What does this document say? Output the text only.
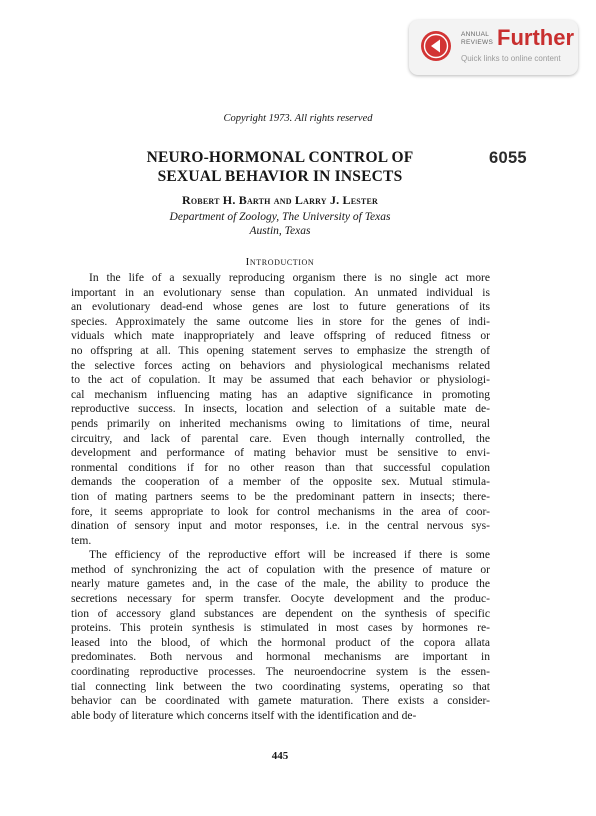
ANNUAL
REVIEWS Further
Quick links to online content
Copyright 1973. All rights reserved
NEURO-HORMONAL CONTROL OF
SEXUAL BEHAVIOR IN INSECTS
6055
Robert H. Barth and Larry J. Lester
Department of Zoology, The University of Texas
Austin, Texas
Introduction
In the life of a sexually reproducing organism there is no single act more
important in an evolutionary sense than copulation. An unmated individual is
an evolutionary dead-end whose genes are lost to future generations of its
species. Approximately the same outcome lies in store for the genes of indi-
viduals which mate inappropriately and leave offspring of reduced fitness or
no offspring at all. This opening statement serves to emphasize the strength of
the selective forces acting on behaviors and physiological mechanisms related
to the act of copulation. It may be assumed that each behavior or physiologi-
cal mechanism influencing mating has an adaptive significance in promoting
reproductive success. In insects, location and selection of a suitable mate de-
pends primarily on inherited mechanisms owing to limitations of time, neural
circuitry, and lack of parental care. Even though internally controlled, the
development and performance of mating behavior must be sensitive to envi-
ronmental conditions if for no other reason than that successful copulation
demands the cooperation of a member of the opposite sex. Mutual stimula-
tion of mating partners seems to be the predominant pattern in insects; there-
fore, it seems appropriate to look for control mechanisms in the area of coor-
dination of sensory input and motor responses, i.e. in the central nervous sys-
tem.
The efficiency of the reproductive effort will be increased if there is some
method of synchronizing the act of copulation with the presence of mature or
nearly mature gametes and, in the case of the male, the ability to produce the
secretions necessary for sperm transfer. Oocyte development and the produc-
tion of accessory gland substances are dependent on the synthesis of specific
proteins. This protein synthesis is stimulated in most cases by hormones re-
leased into the blood, of which the hormonal product of the copora allata
predominates. Both nervous and hormonal mechanisms are important in
coordinating reproductive processes. The neuroendocrine system is the essen-
tial connecting link between the two coordinating systems, operating so that
behavior can be coordinated with gamete maturation. There exists a consider-
able body of literature which concerns itself with the identification and de-
445
